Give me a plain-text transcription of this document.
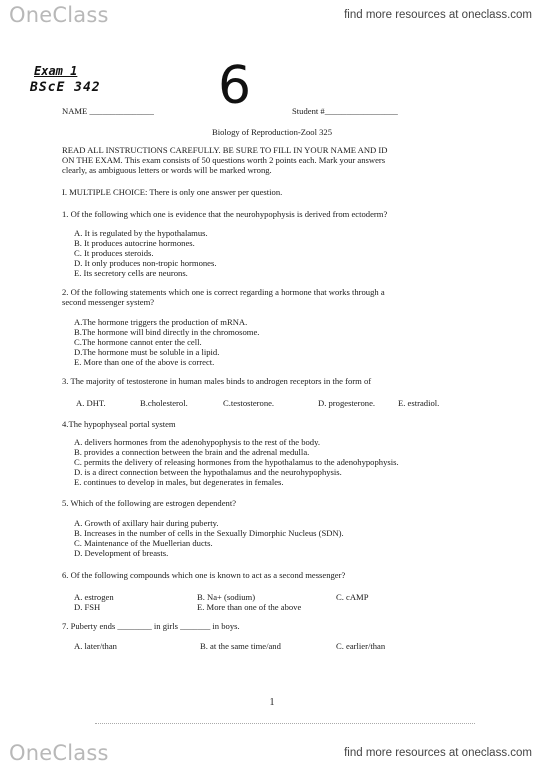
OneClass	find more resources at oneclass.com
Exam 1
BScE 342 6
NAME _______________	Student #_________________
Biology of Reproduction-Zool 325
READ ALL INSTRUCTIONS CAREFULLY. BE SURE TO FILL IN YOUR NAME AND ID
ON THE EXAM. This exam consists of 50 questions worth 2 points each. Mark your answers
clearly, as ambiguous letters or words will be marked wrong.
I. MULTIPLE CHOICE: There is only one answer per question.
1. Of the following which one is evidence that the neurohypophysis is derived from ectoderm?
A. It is regulated by the hypothalamus.
B. It produces autocrine hormones.
C. It produces steroids.
D. It only produces non-tropic hormones.
E. Its secretory cells are neurons.
2. Of the following statements which one is correct regarding a hormone that works through a
second messenger system?
A.The hormone triggers the production of mRNA.
B.The hormone will bind directly in the chromosome.
C.The hormone cannot enter the cell.
D.The hormone must be soluble in a lipid.
E. More than one of the above is correct.
3. The majority of testosterone in human males binds to androgen receptors in the form of
A. DHT.	B.cholesterol.	C.testosterone.	D. progesterone.	E. estradiol.
4.The hypophyseal portal system
A. delivers hormones from the adenohypophysis to the rest of the body.
B. provides a connection between the brain and the adrenal medulla.
C. permits the delivery of releasing hormones from the hypothalamus to the adenohypophysis.
D. is a direct connection between the hypothalamus and the neurohypophysis.
E. continues to develop in males, but degenerates in females.
5. Which of the following are estrogen dependent?
A. Growth of axillary hair during puberty.
B. Increases in the number of cells in the Sexually Dimorphic Nucleus (SDN).
C. Maintenance of the Muellerian ducts.
D. Development of breasts.
6. Of the following compounds which one is known to act as a second messenger?
A. estrogen	B. Na+ (sodium)	C. cAMP
D. FSH	E. More than one of the above
7. Puberty ends ________ in girls _______ in boys.
A. later/than	B. at the same time/and	C. earlier/than
1
OneClass	find more resources at oneclass.com
